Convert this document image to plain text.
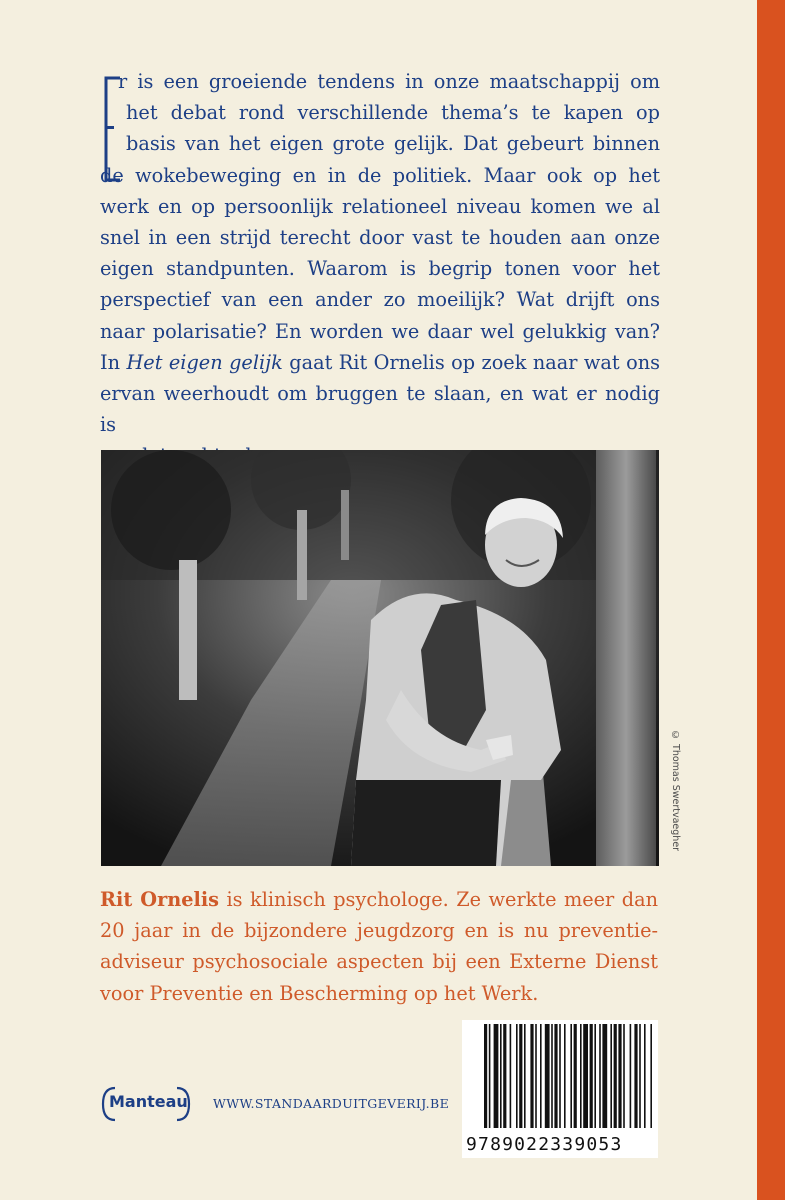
r is een groeiende tendens in onze maatschappij om
het debat rond verschillende thema’s te kapen op
basis van het eigen grote gelijk. Dat gebeurt binnen
de wokebeweging en in de politiek. Maar ook op het
werk en op persoonlijk relationeel niveau komen we al
snel in een strijd terecht door vast te houden aan onze
eigen standpunten. Waarom is begrip tonen voor het
perspectief van een ander zo moeilijk? Wat drijft ons
naar polarisatie? En worden we daar wel gelukkig van?
In Het eigen gelijk gaat Rit Ornelis op zoek naar wat ons
ervan weerhoudt om bruggen te slaan, en wat er nodig is
© Thomas Swertvaegher
Rit Ornelis is klinisch psychologe. Ze werkte meer dan
20 jaar in de bijzondere jeugdzorg en is nu preventie-
adviseur psychosociale aspecten bij een Externe Dienst
voor Preventie en Bescherming op het Werk.
Manteau WWW.STANDAARDUITGEVERIJ.BE
9789022339053
